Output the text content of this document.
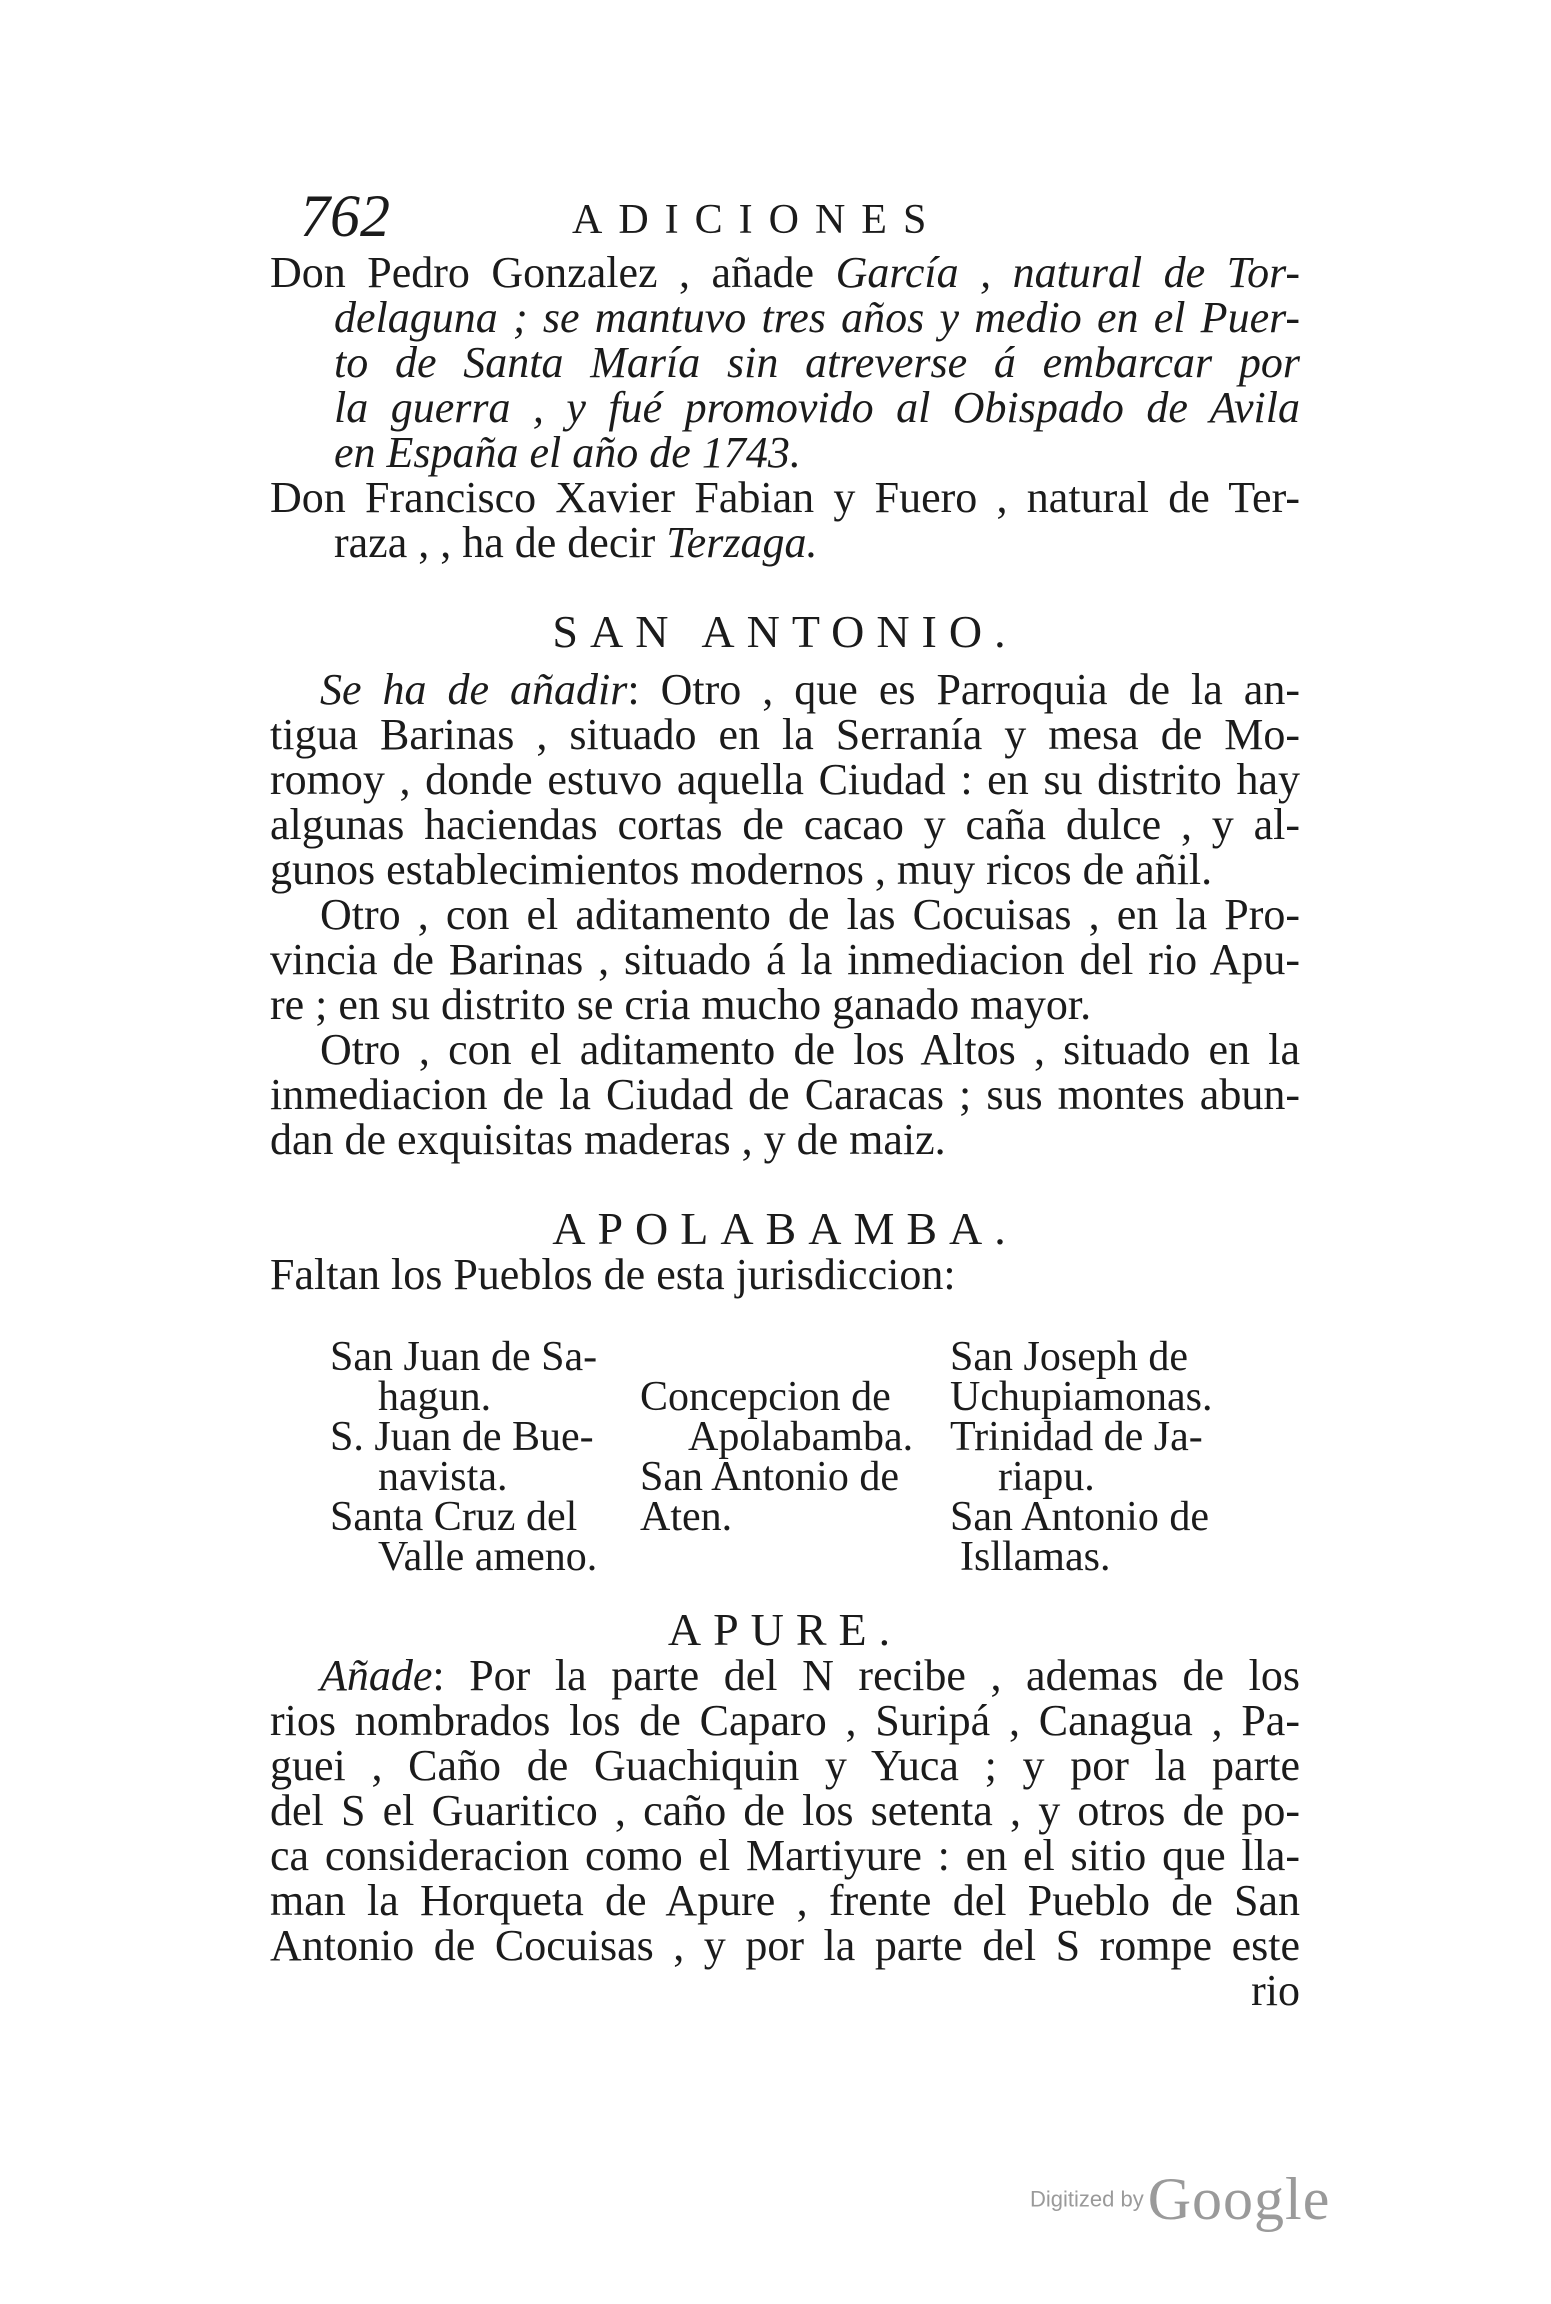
762	ADICIONES
Don Pedro Gonzalez , añade García , natural de Tor-
delaguna ; se mantuvo tres años y medio en el Puer-
to de Santa María sin atreverse á embarcar por
la guerra , y fué promovido al Obispado de Avila
en España el año de 1743.
Don Francisco Xavier Fabian y Fuero , natural de Ter-
raza , , ha de decir Terzaga.
SAN ANTONIO.
Se ha de añadir: Otro , que es Parroquia de la an-
tigua Barinas , situado en la Serranía y mesa de Mo-
romoy , donde estuvo aquella Ciudad : en su distrito hay
algunas haciendas cortas de cacao y caña dulce , y al-
gunos establecimientos modernos , muy ricos de añil.
Otro , con el aditamento de las Cocuisas , en la Pro-
vincia de Barinas , situado á la inmediacion del rio Apu-
re ; en su distrito se cria mucho ganado mayor.
Otro , con el aditamento de los Altos , situado en la
inmediacion de la Ciudad de Caracas ; sus montes abun-
dan de exquisitas maderas , y de maiz.
APOLABAMBA.
Faltan los Pueblos de esta jurisdiccion:
San Juan de Sa-
hagun.
S. Juan de Bue-
navista.
Santa Cruz del
Valle ameno.
Concepcion de
Apolabamba.
San Antonio de
Aten.
San Joseph de
Uchupiamonas.
Trinidad de Ja-
riapu.
San Antonio de
Isllamas.
APURE.
Añade: Por la parte del N recibe , ademas de los
rios nombrados los de Caparo , Suripá , Canagua , Pa-
guei , Caño de Guachiquin y Yuca ; y por la parte
del S el Guaritico , caño de los setenta , y otros de po-
ca consideracion como el Martiyure : en el sitio que lla-
man la Horqueta de Apure , frente del Pueblo de San
Antonio de Cocuisas , y por la parte del S rompe este
rio
Digitized by Google
